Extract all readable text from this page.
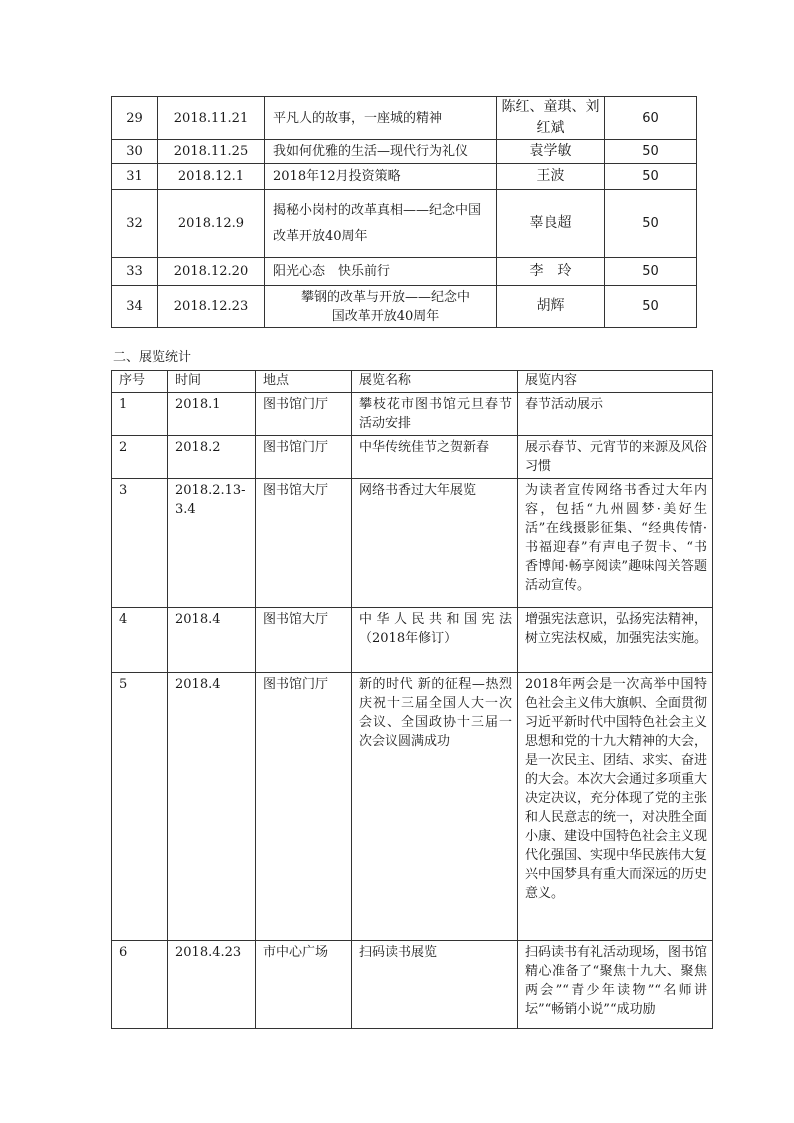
29	2018.11.21	平凡人的故事，一座城的精神	陈红、童琪、刘红斌	60
30	2018.11.25	我如何优雅的生活—现代行为礼仪	袁学敏	50
31	2018.12.1	2018年12月投资策略	王波	50
32	2018.12.9	揭秘小岗村的改革真相——纪念中国改革开放40周年	辜良超	50
33	2018.12.20	阳光心态　快乐前行	李　玲	50
34	2018.12.23	攀钢的改革与开放——纪念中国改革开放40周年	胡辉	50

二、展览统计

序号	时间	地点	展览名称	展览内容
1	2018.1	图书馆门厅	攀枝花市图书馆元旦春节活动安排	春节活动展示
2	2018.2	图书馆门厅	中华传统佳节之贺新春	展示春节、元宵节的来源及风俗习惯
3	2018.2.13-3.4	图书馆大厅	网络书香过大年展览	为读者宣传网络书香过大年内容，包括“九州圆梦·美好生活”在线摄影征集、“经典传情·书福迎春”有声电子贺卡、“书香博闻·畅享阅读”趣味闯关答题活动宣传。
4	2018.4	图书馆大厅	中华人民共和国宪法（2018年修订）	增强宪法意识，弘扬宪法精神，树立宪法权威，加强宪法实施。
5	2018.4	图书馆门厅	新的时代 新的征程—热烈庆祝十三届全国人大一次会议、全国政协十三届一次会议圆满成功	2018年两会是一次高举中国特色社会主义伟大旗帜、全面贯彻习近平新时代中国特色社会主义思想和党的十九大精神的大会，是一次民主、团结、求实、奋进的大会。本次大会通过多项重大决定决议，充分体现了党的主张和人民意志的统一，对决胜全面小康、建设中国特色社会主义现代化强国、实现中华民族伟大复兴中国梦具有重大而深远的历史意义。
6	2018.4.23	市中心广场	扫码读书展览	扫码读书有礼活动现场，图书馆精心准备了“聚焦十九大、聚焦两会”“青少年读物”“名师讲坛”“畅销小说”“成功励
